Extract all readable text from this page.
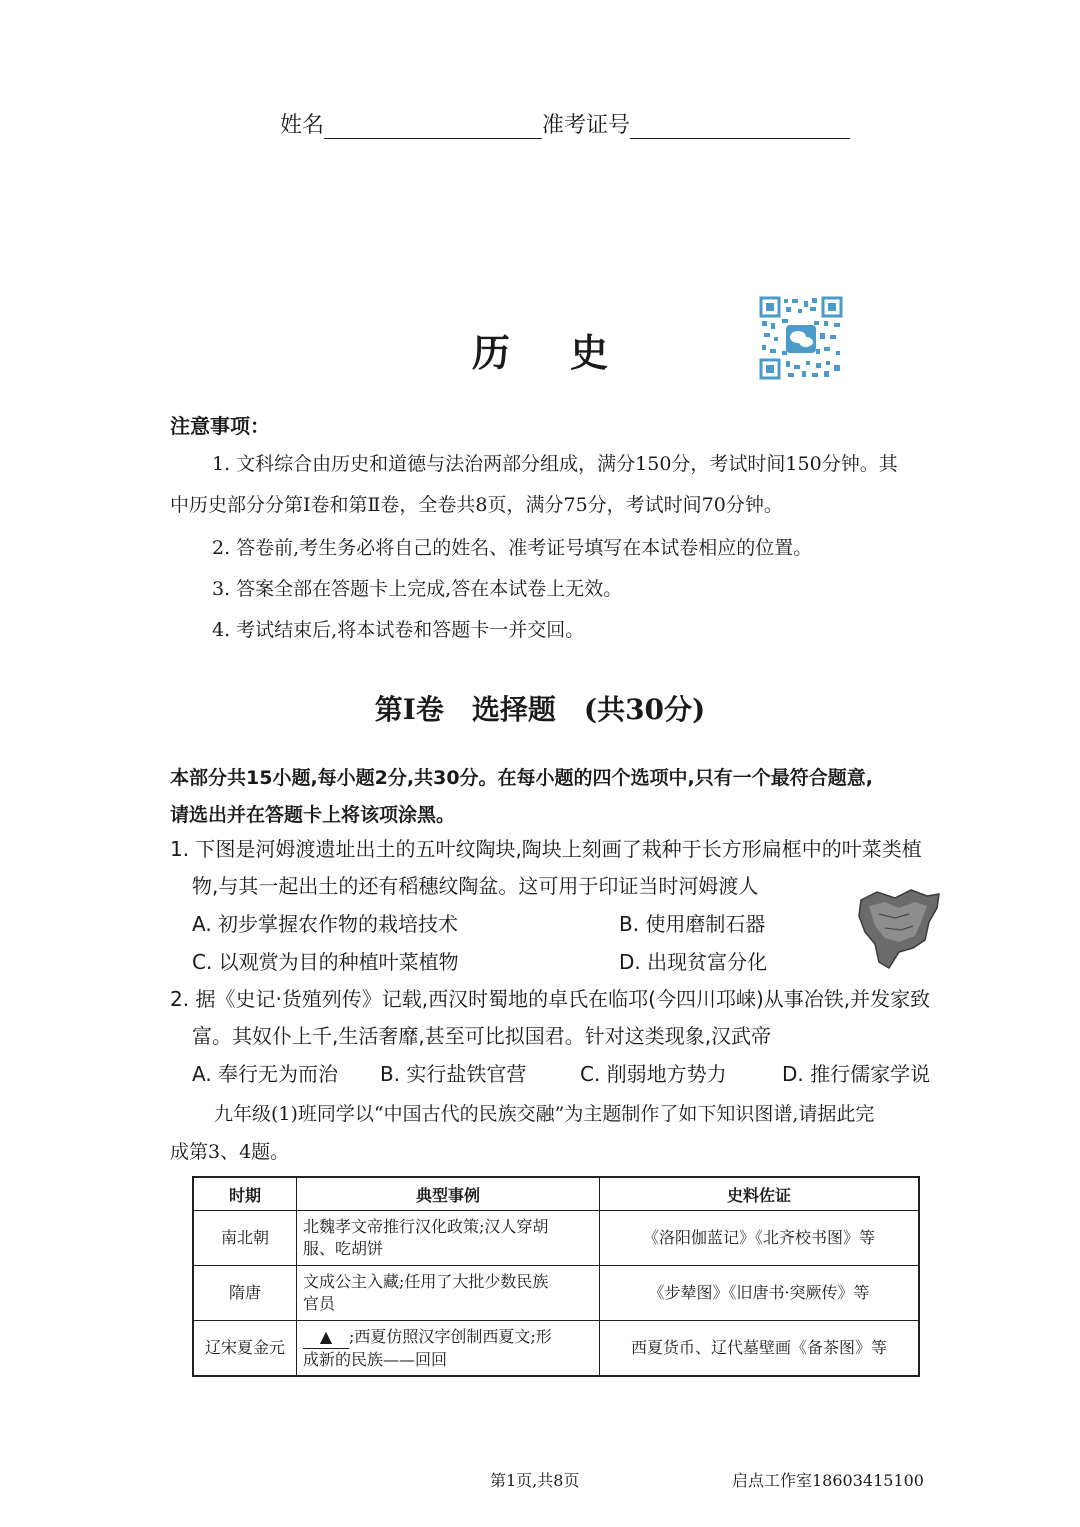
姓名	准考证号
历史
注意事项：
1. 文科综合由历史和道德与法治两部分组成，满分150分，考试时间150分钟。其
中历史部分分第Ⅰ卷和第Ⅱ卷，全卷共8页，满分75分，考试时间70分钟。
2. 答卷前,考生务必将自己的姓名、准考证号填写在本试卷相应的位置。
3. 答案全部在答题卡上完成,答在本试卷上无效。
4. 考试结束后,将本试卷和答题卡一并交回。
第Ⅰ卷　选择题　(共30分)
本部分共15小题,每小题2分,共30分。在每小题的四个选项中,只有一个最符合题意,
请选出并在答题卡上将该项涂黑。
1. 下图是河姆渡遗址出土的五叶纹陶块,陶块上刻画了栽种于长方形扁框中的叶菜类植
物,与其一起出土的还有稻穗纹陶盆。这可用于印证当时河姆渡人
A. 初步掌握农作物的栽培技术	B. 使用磨制石器
C. 以观赏为目的种植叶菜植物	D. 出现贫富分化
2. 据《史记·货殖列传》记载,西汉时蜀地的卓氏在临邛(今四川邛崃)从事冶铁,并发家致
富。其奴仆上千,生活奢靡,甚至可比拟国君。针对这类现象,汉武帝
A. 奉行无为而治 B. 实行盐铁官营	C. 削弱地方势力	D. 推行儒家学说
九年级(1)班同学以“中国古代的民族交融”为主题制作了如下知识图谱,请据此完
成第3、4题。
时期	典型事例	史料佐证
南北朝	北魏孝文帝推行汉化政策;汉人穿胡
服、吃胡饼	《洛阳伽蓝记》《北齐校书图》等
隋唐	文成公主入藏;任用了大批少数民族
官员	《步辇图》《旧唐书·突厥传》等
辽宋夏金元	▲ ;西夏仿照汉字创制西夏文;形
成新的民族——回回	西夏货币、辽代墓壁画《备茶图》等
第1页,共8页	启点工作室18603415100
